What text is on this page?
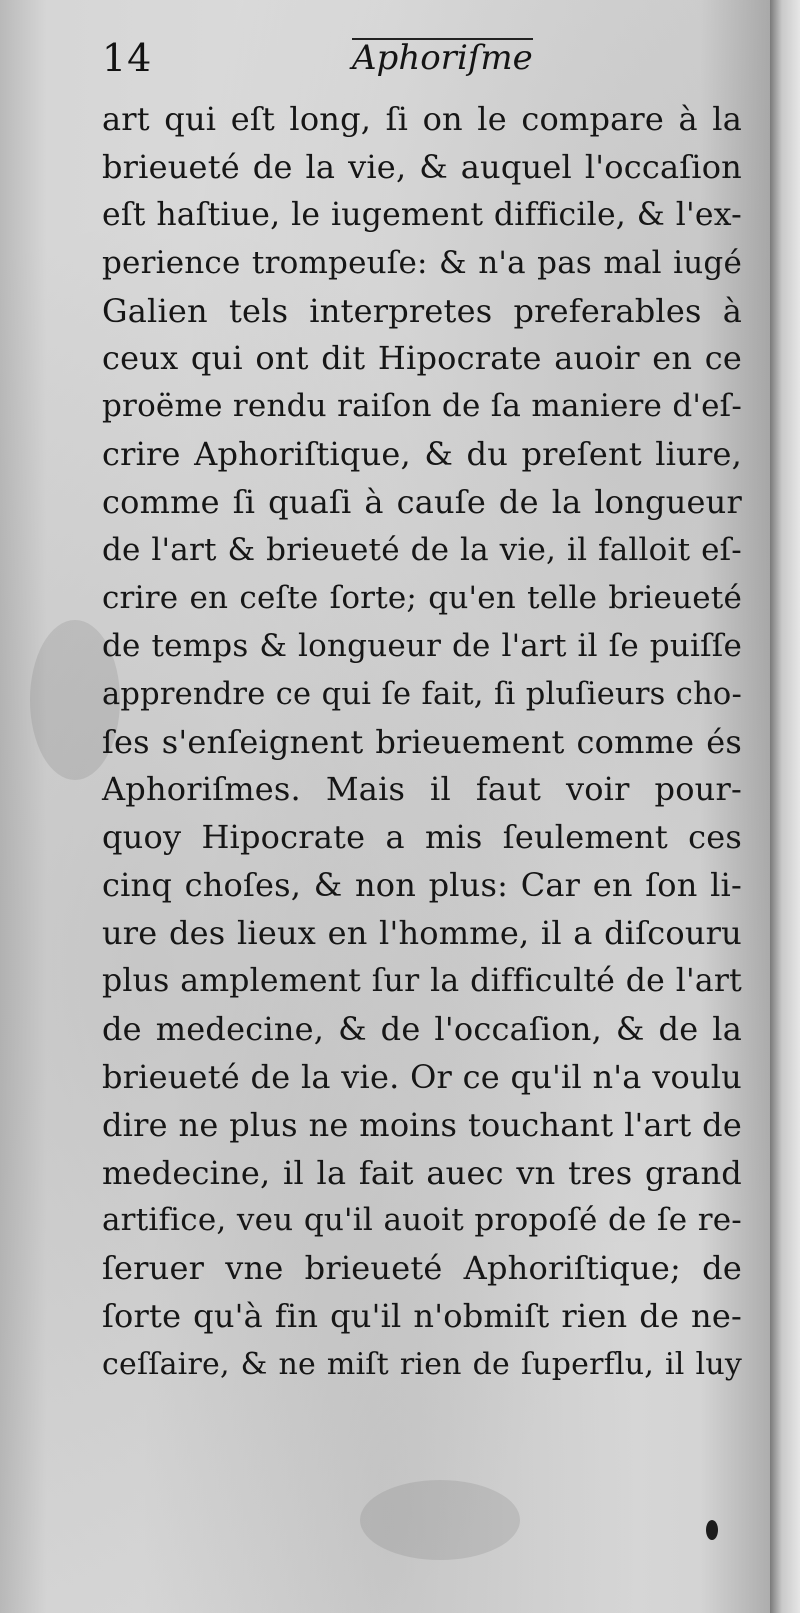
14	Aphoriſme
art qui eſt long, ſi on le compare à la
brieueté de la vie, & auquel l'occaſion
eſt haſtiue, le iugement difficile, & l'ex-
perience trompeuſe: & n'a pas mal iugé
Galien tels interpretes preferables à
ceux qui ont dit Hipocrate auoir en ce
proëme rendu raiſon de ſa maniere d'eſ-
crire Aphoriſtique, & du preſent liure,
comme ſi quaſi à cauſe de la longueur
de l'art & brieueté de la vie, il falloit eſ-
crire en ceſte ſorte; qu'en telle brieueté
de temps & longueur de l'art il ſe puiſſe
apprendre ce qui ſe fait, ſi pluſieurs cho-
ſes s'enſeignent brieuement comme és
Aphoriſmes. Mais il faut voir pour-
quoy Hipocrate a mis ſeulement ces
cinq choſes, & non plus: Car en ſon li-
ure des lieux en l'homme, il a diſcouru
plus amplement ſur la difficulté de l'art
de medecine, & de l'occaſion, & de la
brieueté de la vie. Or ce qu'il n'a voulu
dire ne plus ne moins touchant l'art de
medecine, il la fait auec vn tres grand
artifice, veu qu'il auoit propoſé de ſe re-
ſeruer vne brieueté Aphoriſtique; de
ſorte qu'à fin qu'il n'obmiſt rien de ne-
ceſſaire, & ne miſt rien de ſuperflu, il luy
